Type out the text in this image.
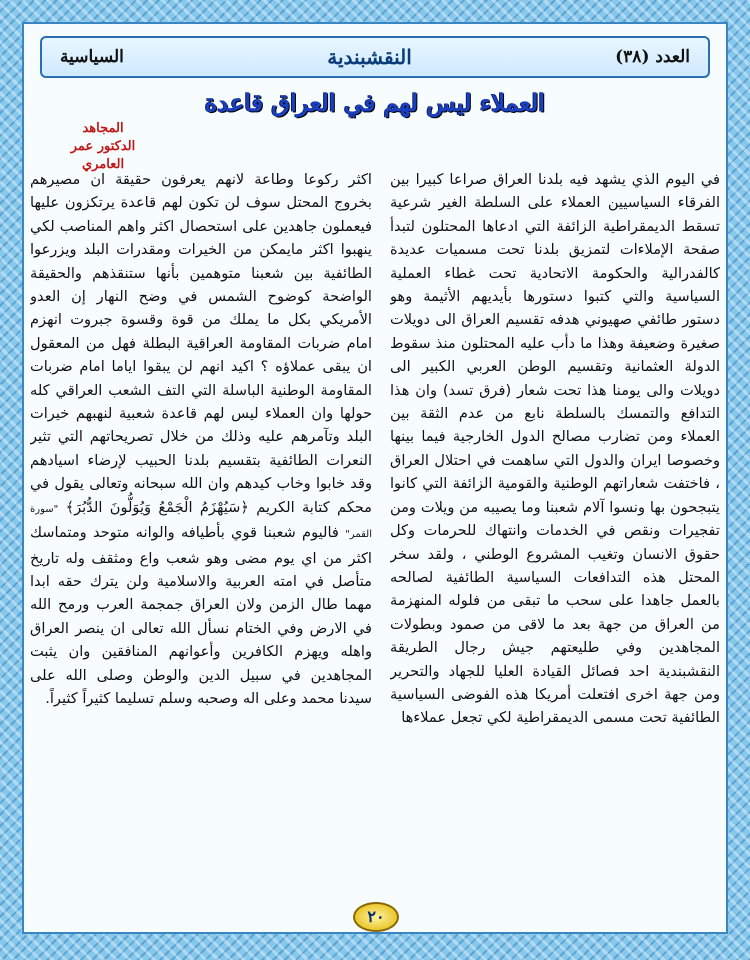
العدد (٣٨)
النقشبندية
السياسية
العملاء ليس لهم في العراق قاعدة
المجاهد
الدكتور عمر العامري

في اليوم الذي يشهد فيه بلدنا العراق صراعا كبيرا بين الفرقاء السياسيين العملاء على السلطة الغير شرعية تسقط الديمقراطية الزائفة التي ادعاها المحتلون لتبدأ صفحة الإملاءات لتمزيق بلدنا تحت مسميات عديدة كالفدرالية والحكومة الاتحادية تحت غطاء العملية السياسية والتي كتبوا دستورها بأيديهم الأثيمة وهو دستور طائفي صهيوني هدفه تقسيم العراق الى دويلات صغيرة وضعيفة وهذا ما دأب عليه المحتلون منذ سقوط الدولة العثمانية وتقسيم الوطن العربي الكبير الى دويلات والى يومنا هذا تحت شعار (فرق تسد) وان هذا التدافع والتمسك بالسلطة نابع من عدم الثقة بين العملاء ومن تضارب مصالح الدول الخارجية فيما بينها وخصوصا ايران والدول التي ساهمت في احتلال العراق ، فاختفت شعاراتهم الوطنية والقومية الزائفة التي كانوا يتبجحون بها ونسوا آلام شعبنا وما يصيبه من ويلات ومن تفجيرات ونقص في الخدمات وانتهاك للحرمات وكل حقوق الانسان وتغيب المشروع الوطني ، ولقد سخر المحتل هذه التدافعات السياسية الطائفية لصالحه بالعمل جاهدا على سحب ما تبقى من فلوله المنهزمة من العراق من جهة بعد ما لاقى من صمود وبطولات المجاهدين وفي طليعتهم جيش رجال الطريقة النقشبندية احد فصائل القيادة العليا للجهاد والتحرير ومن جهة اخرى افتعلت أمريكا هذه الفوضى السياسية الطائفية تحت مسمى الديمقراطية لكي تجعل عملاءها

اكثر ركوعا وطاعة لانهم يعرفون حقيقة ان مصيرهم بخروج المحتل سوف لن تكون لهم قاعدة يرتكزون عليها فيعملون جاهدين على استحصال اكثر واهم المناصب لكي ينهبوا اكثر مايمكن من الخيرات ومقدرات البلد ويزرعوا الطائفية بين شعبنا متوهمين بأنها ستنقذهم والحقيقة الواضحة كوضوح الشمس في وضح النهار إن العدو الأمريكي بكل ما يملك من قوة وقسوة جبروت انهزم امام ضربات المقاومة العراقية البطلة فهل من المعقول ان يبقى عملاؤه ؟ اكيد انهم لن يبقوا اياما امام ضربات المقاومة الوطنية الباسلة التي التف الشعب العراقي كله حولها وان العملاء ليس لهم قاعدة شعبية لنهبهم خيرات البلد وتآمرهم عليه وذلك من خلال تصريحاتهم التي تثير النعرات الطائفية بتقسيم بلدنا الحبيب لإرضاء اسيادهم وقد خابوا وخاب كيدهم وان الله سبحانه وتعالى يقول في محكم كتابة الكريم ﴿سَيُهْزَمُ الْجَمْعُ وَيُوَلُّونَ الدُّبُرَ﴾ "سورة القمر" فاليوم شعبنا قوي بأطيافه والوانه متوحد ومتماسك اكثر من اي يوم مضى وهو شعب واع ومثقف وله تاريخ متأصل في امته العربية والاسلامية ولن يترك حقه ابدا مهما طال الزمن ولان العراق جمجمة العرب ورمح الله في الارض وفي الختام نسأل الله تعالى ان ينصر العراق واهله ويهزم الكافرين وأعوانهم المنافقين وان يثبت المجاهدين في سبيل الدين والوطن وصلى الله على سيدنا محمد وعلى اله وصحبه وسلم تسليما كثيراً كثيراً.

٢٠
